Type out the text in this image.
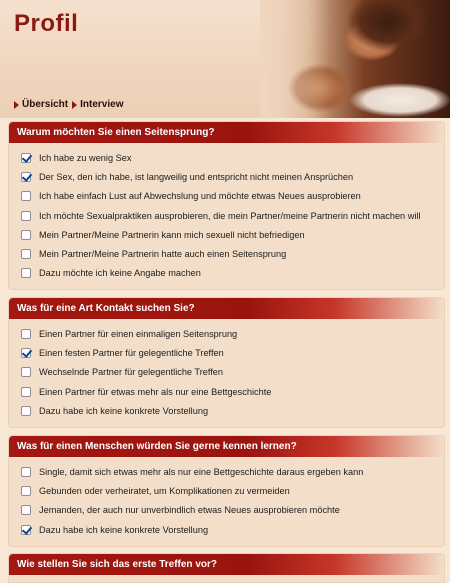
Profil
Übersicht Interview
Warum möchten Sie einen Seitensprung?
Ich habe zu wenig Sex
Der Sex, den ich habe, ist langweilig und entspricht nicht meinen Ansprüchen
Ich habe einfach Lust auf Abwechslung und möchte etwas Neues ausprobieren
Ich möchte Sexualpraktiken ausprobieren, die mein Partner/meine Partnerin nicht machen will
Mein Partner/Meine Partnerin kann mich sexuell nicht befriedigen
Mein Partner/Meine Partnerin hatte auch einen Seitensprung
Dazu möchte ich keine Angabe machen
Was für eine Art Kontakt suchen Sie?
Einen Partner für einen einmaligen Seitensprung
Einen festen Partner für gelegentliche Treffen
Wechselnde Partner für gelegentliche Treffen
Einen Partner für etwas mehr als nur eine Bettgeschichte
Dazu habe ich keine konkrete Vorstellung
Was für einen Menschen würden Sie gerne kennen lernen?
Single, damit sich etwas mehr als nur eine Bettgeschichte daraus ergeben kann
Gebunden oder verheiratet, um Komplikationen zu vermeiden
Jemanden, der auch nur unverbindlich etwas Neues ausprobieren möchte
Dazu habe ich keine konkrete Vorstellung
Wie stellen Sie sich das erste Treffen vor?
